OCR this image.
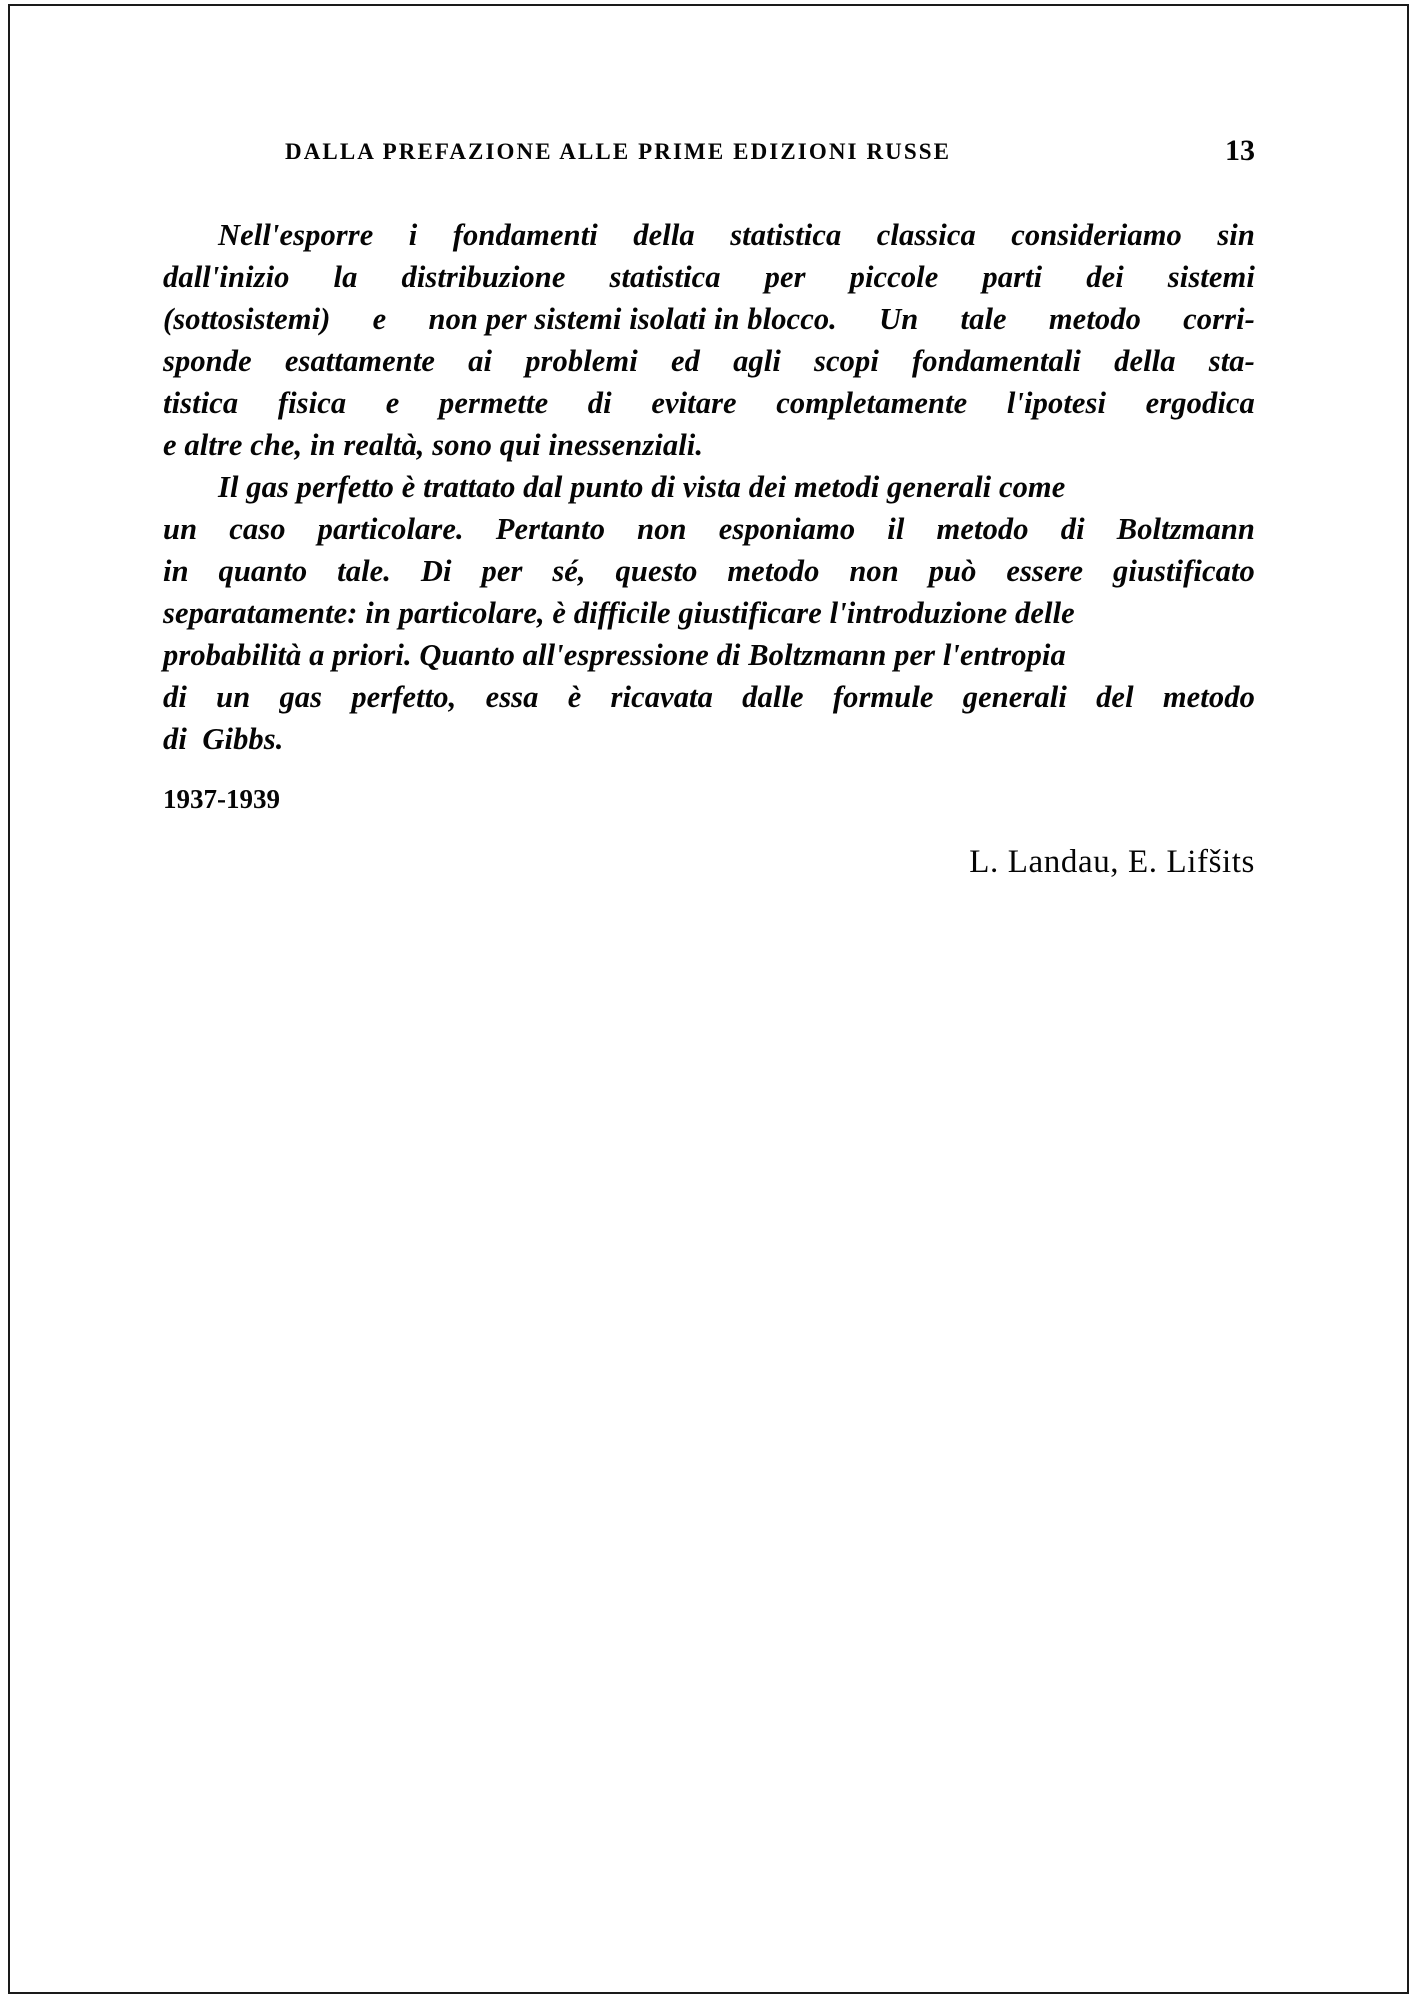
DALLA PREFAZIONE ALLE PRIME EDIZIONI RUSSE	13
Nell'esporre i fondamenti della statistica classica consideriamo sin
dall'inizio la distribuzione statistica per piccole parti dei sistemi
(sottosistemi) e non per sistemi isolati in blocco. Un tale metodo corri-
sponde esattamente ai problemi ed agli scopi fondamentali della sta-
tistica fisica e permette di evitare completamente l'ipotesi ergodica
e altre che, in realtà, sono qui inessenziali.
Il gas perfetto è trattato dal punto di vista dei metodi generali come
un caso particolare. Pertanto non esponiamo il metodo di Boltzmann
in quanto tale. Di per sé, questo metodo non può essere giustificato
separatamente: in particolare, è difficile giustificare l'introduzione delle
probabilità a priori. Quanto all'espressione di Boltzmann per l'entropia
di un gas perfetto, essa è ricavata dalle formule generali del metodo
di  Gibbs.
1937-1939
L. Landau, E. Lifšits
